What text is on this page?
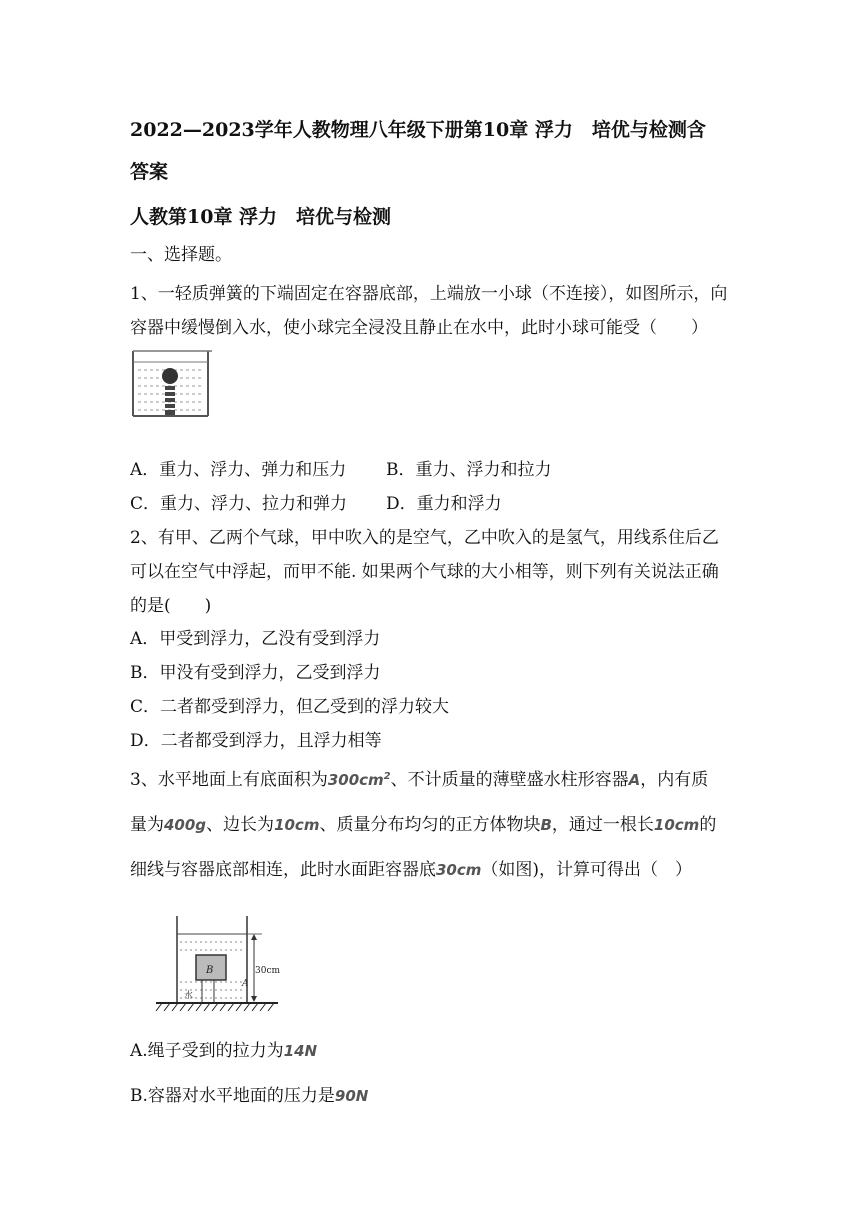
2022—2023学年人教物理八年级下册第10章 浮力　培优与检测含
答案
人教第10章 浮力　培优与检测
一、选择题。
1、一轻质弹簧的下端固定在容器底部，上端放一小球（不连接），如图所示，向
容器中缓慢倒入水，使小球完全浸没且静止在水中，此时小球可能受（　　）
A．重力、浮力、弹力和压力 B．重力、浮力和拉力
C．重力、浮力、拉力和弹力 D．重力和浮力
2、有甲、乙两个气球，甲中吹入的是空气，乙中吹入的是氢气，用线系住后乙
可以在空气中浮起，而甲不能. 如果两个气球的大小相等，则下列有关说法正确
的是(　　)
A．甲受到浮力，乙没有受到浮力
B．甲没有受到浮力，乙受到浮力
C．二者都受到浮力，但乙受到的浮力较大
D．二者都受到浮力，且浮力相等
3、水平地面上有底面积为$300cm^2$、不计质量的薄壁盛水柱形容器A，内有质
量为400g、边长为10cm、质量分布均匀的正方体物块B，通过一根长10cm的
细线与容器底部相连，此时水面距容器底30cm（如图)，计算可得出（　）
B
水
A
30cm
A.绳子受到的拉力为14N
B.容器对水平地面的压力是90N
